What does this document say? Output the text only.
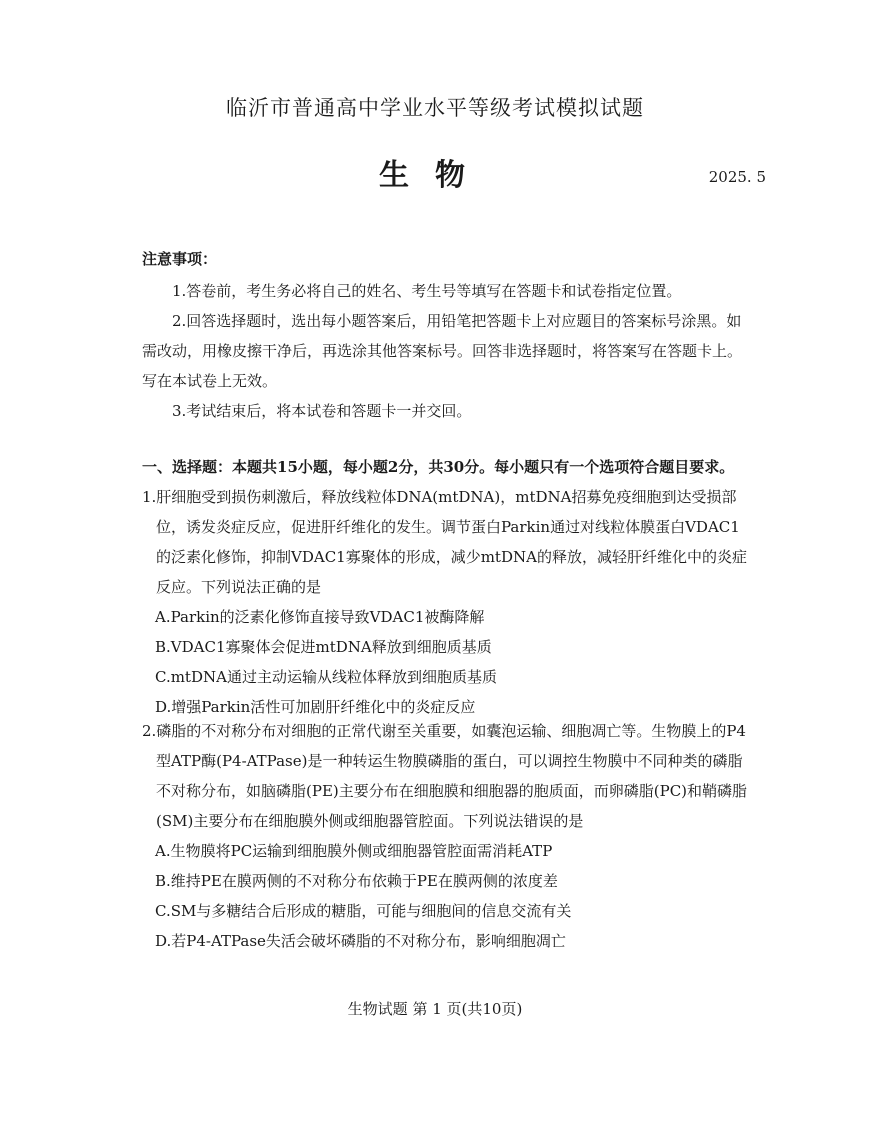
临沂市普通高中学业水平等级考试模拟试题
生物	2025. 5
注意事项：

1.答卷前，考生务必将自己的姓名、考生号等填写在答题卡和试卷指定位置。

2.回答选择题时，选出每小题答案后，用铅笔把答题卡上对应题目的答案标号涂黑。如需改动，用橡皮擦干净后，再选涂其他答案标号。回答非选择题时，将答案写在答题卡上。写在本试卷上无效。

3.考试结束后，将本试卷和答题卡一并交回。

一、选择题：本题共15小题，每小题2分，共30分。每小题只有一个选项符合题目要求。
1.肝细胞受到损伤刺激后，释放线粒体DNA(mtDNA)，mtDNA招募免疫细胞到达受损部位，诱发炎症反应，促进肝纤维化的发生。调节蛋白Parkin通过对线粒体膜蛋白VDAC1的泛素化修饰，抑制VDAC1寡聚体的形成，减少mtDNA的释放，减轻肝纤维化中的炎症反应。下列说法正确的是
A.Parkin的泛素化修饰直接导致VDAC1被酶降解
B.VDAC1寡聚体会促进mtDNA释放到细胞质基质
C.mtDNA通过主动运输从线粒体释放到细胞质基质
D.增强Parkin活性可加剧肝纤维化中的炎症反应
2.磷脂的不对称分布对细胞的正常代谢至关重要，如囊泡运输、细胞凋亡等。生物膜上的P4型ATP酶(P4-ATPase)是一种转运生物膜磷脂的蛋白，可以调控生物膜中不同种类的磷脂不对称分布，如脑磷脂(PE)主要分布在细胞膜和细胞器的胞质面，而卵磷脂(PC)和鞘磷脂(SM)主要分布在细胞膜外侧或细胞器管腔面。下列说法错误的是
A.生物膜将PC运输到细胞膜外侧或细胞器管腔面需消耗ATP
B.维持PE在膜两侧的不对称分布依赖于PE在膜两侧的浓度差
C.SM与多糖结合后形成的糖脂，可能与细胞间的信息交流有关
D.若P4-ATPase失活会破坏磷脂的不对称分布，影响细胞凋亡
生物试题 第 1 页(共10页)
